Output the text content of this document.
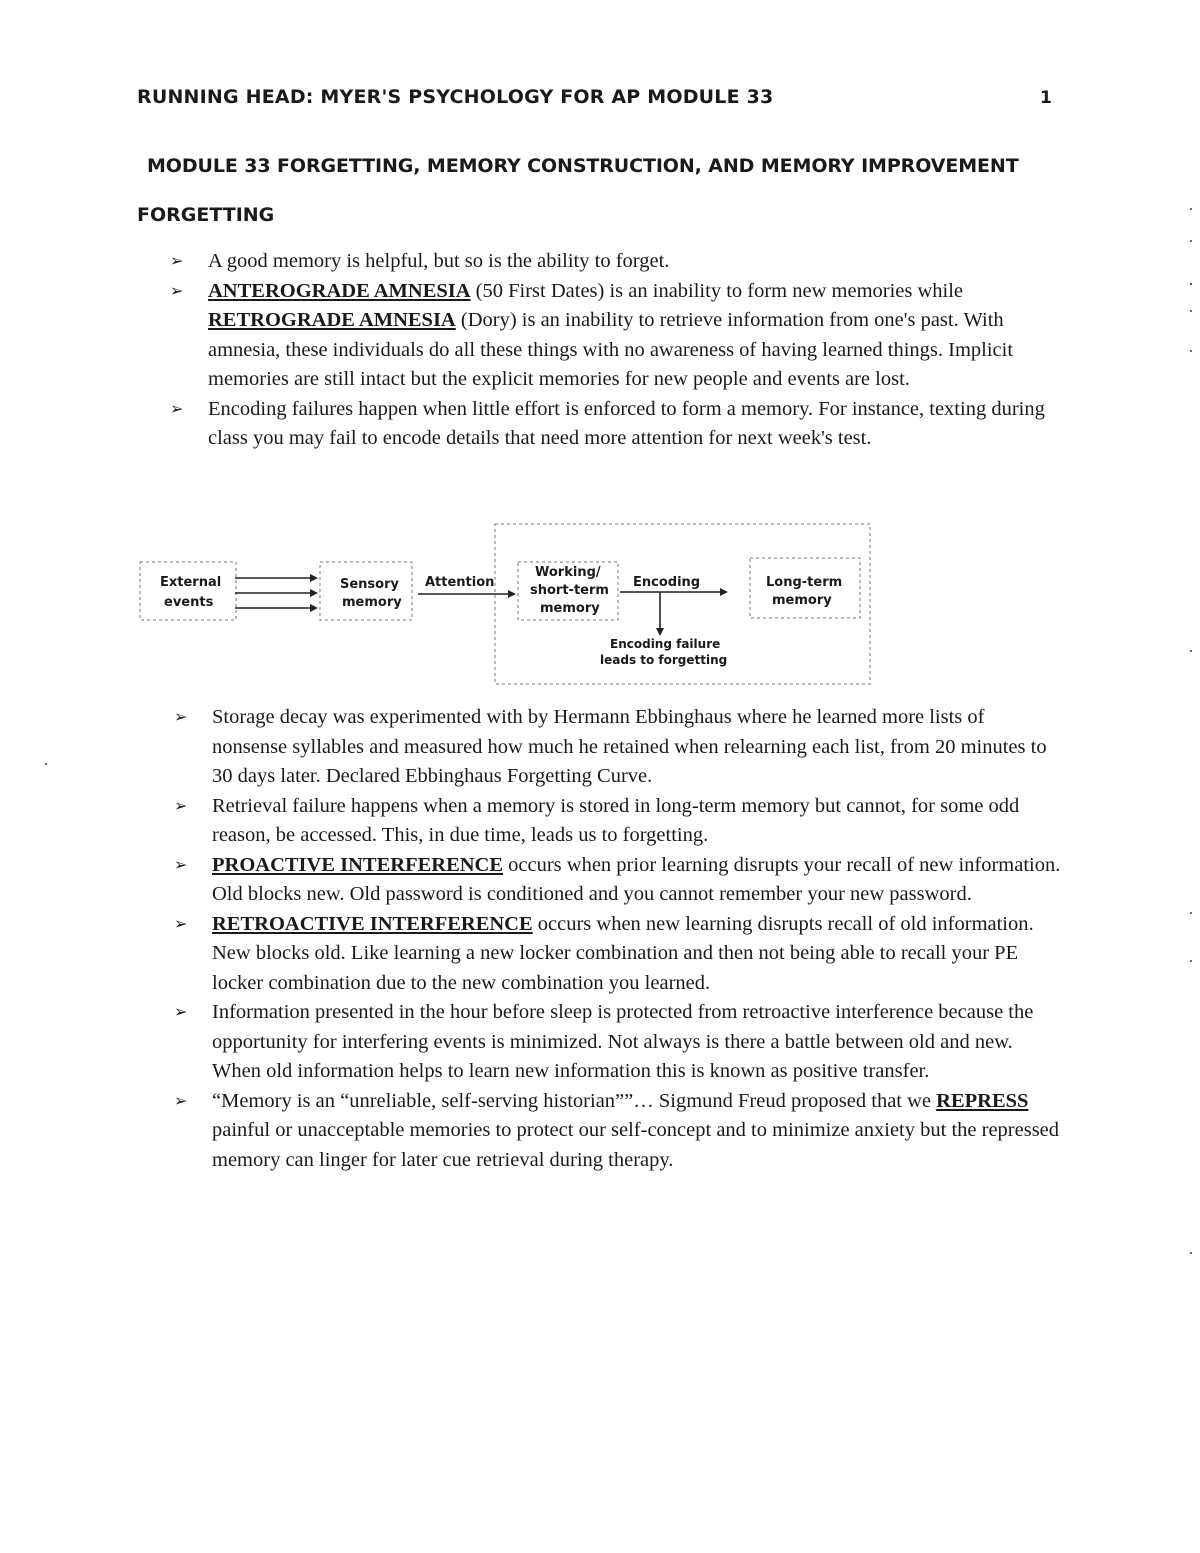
RUNNING HEAD: MYER'S PSYCHOLOGY FOR AP MODULE 33	1
MODULE 33 FORGETTING, MEMORY CONSTRUCTION, AND MEMORY IMPROVEMENT
FORGETTING
➢ A good memory is helpful, but so is the ability to forget.
➢ ANTEROGRADE AMNESIA (50 First Dates) is an inability to form new memories while RETROGRADE AMNESIA (Dory) is an inability to retrieve information from one's past. With amnesia, these individuals do all these things with no awareness of having learned things. Implicit memories are still intact but the explicit memories for new people and events are lost.
➢ Encoding failures happen when little effort is enforced to form a memory. For instance, texting during class you may fail to encode details that need more attention for next week's test.
External
events
Sensory
memory
Attention
Working/
short-term
memory
Encoding	Long-term
memory
Encoding failure
leads to forgetting
➢ Storage decay was experimented with by Hermann Ebbinghaus where he learned more lists of nonsense syllables and measured how much he retained when relearning each list, from 20 minutes to 30 days later. Declared Ebbinghaus Forgetting Curve.
➢ Retrieval failure happens when a memory is stored in long-term memory but cannot, for some odd reason, be accessed. This, in due time, leads us to forgetting.
➢ PROACTIVE INTERFERENCE occurs when prior learning disrupts your recall of new information. Old blocks new. Old password is conditioned and you cannot remember your new password.
➢ RETROACTIVE INTERFERENCE occurs when new learning disrupts recall of old information. New blocks old. Like learning a new locker combination and then not being able to recall your PE locker combination due to the new combination you learned.
➢ Information presented in the hour before sleep is protected from retroactive interference because the opportunity for interfering events is minimized. Not always is there a battle between old and new. When old information helps to learn new information this is known as positive transfer.
➢ “Memory is an “unreliable, self-serving historian””… Sigmund Freud proposed that we REPRESS painful or unacceptable memories to protect our self-concept and to minimize anxiety but the repressed memory can linger for later cue retrieval during therapy.
